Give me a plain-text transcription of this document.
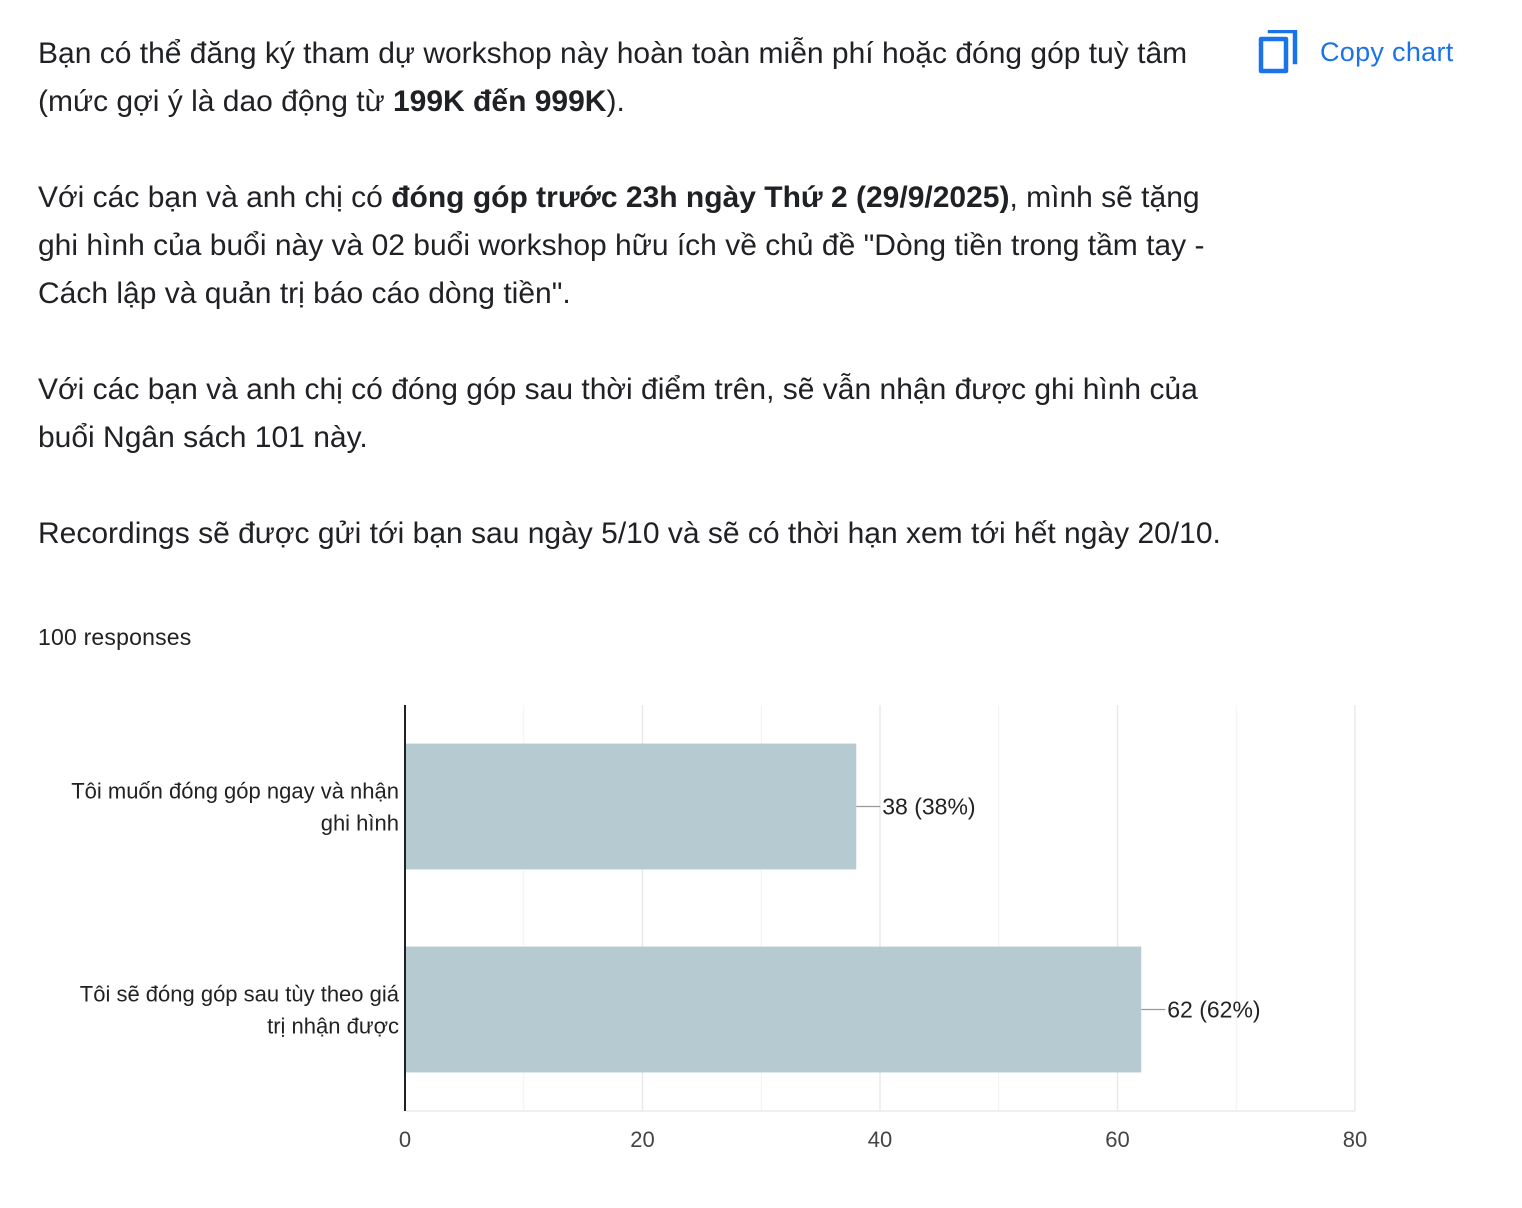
Bạn có thể đăng ký tham dự workshop này hoàn toàn miễn phí hoặc đóng góp tuỳ tâm (mức gợi ý là dao động từ 199K đến 999K).

Với các bạn và anh chị có đóng góp trước 23h ngày Thứ 2 (29/9/2025), mình sẽ tặng ghi hình của buổi này và 02 buổi workshop hữu ích về chủ đề "Dòng tiền trong tầm tay - Cách lập và quản trị báo cáo dòng tiền".

Với các bạn và anh chị có đóng góp sau thời điểm trên, sẽ vẫn nhận được ghi hình của buổi Ngân sách 101 này.

Recordings sẽ được gửi tới bạn sau ngày 5/10 và sẽ có thời hạn xem tới hết ngày 20/10.

Copy chart
100 responses
38 (38%)
Tôi muốn đóng góp ngay và nhận
ghi hình
62 (62%)
Tôi sẽ đóng góp sau tùy theo giá
trị nhận được
0	20	40	60	80
